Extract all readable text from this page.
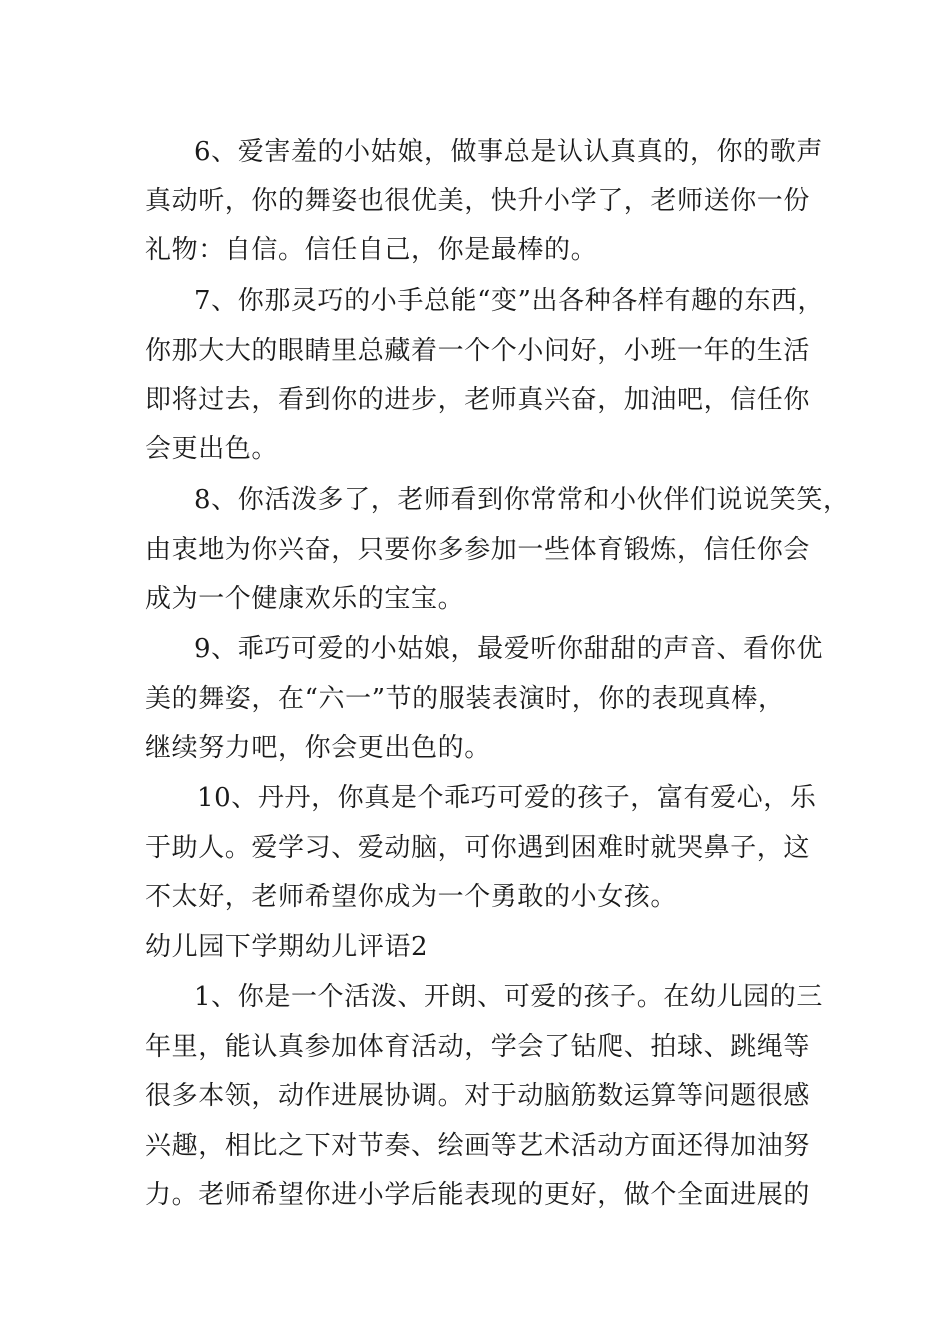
6、爱害羞的小姑娘，做事总是认认真真的，你的歌声

真动听，你的舞姿也很优美，快升小学了，老师送你一份

礼物：自信。信任自己，你是最棒的。

7、你那灵巧的小手总能“变”出各种各样有趣的东西，

你那大大的眼睛里总藏着一个个小问好，小班一年的生活

即将过去，看到你的进步，老师真兴奋，加油吧，信任你

会更出色。

8、你活泼多了，老师看到你常常和小伙伴们说说笑笑，

由衷地为你兴奋，只要你多参加一些体育锻炼，信任你会

成为一个健康欢乐的宝宝。

9、乖巧可爱的小姑娘，最爱听你甜甜的声音、看你优

美的舞姿，在“六一”节的服装表演时，你的表现真棒，

继续努力吧，你会更出色的。

10、丹丹，你真是个乖巧可爱的孩子，富有爱心，乐

于助人。爱学习、爱动脑，可你遇到困难时就哭鼻子，这

不太好，老师希望你成为一个勇敢的小女孩。

幼儿园下学期幼儿评语2

1、你是一个活泼、开朗、可爱的孩子。在幼儿园的三

年里，能认真参加体育活动，学会了钻爬、拍球、跳绳等

很多本领，动作进展协调。对于动脑筋数运算等问题很感

兴趣，相比之下对节奏、绘画等艺术活动方面还得加油努

力。老师希望你进小学后能表现的更好，做个全面进展的
